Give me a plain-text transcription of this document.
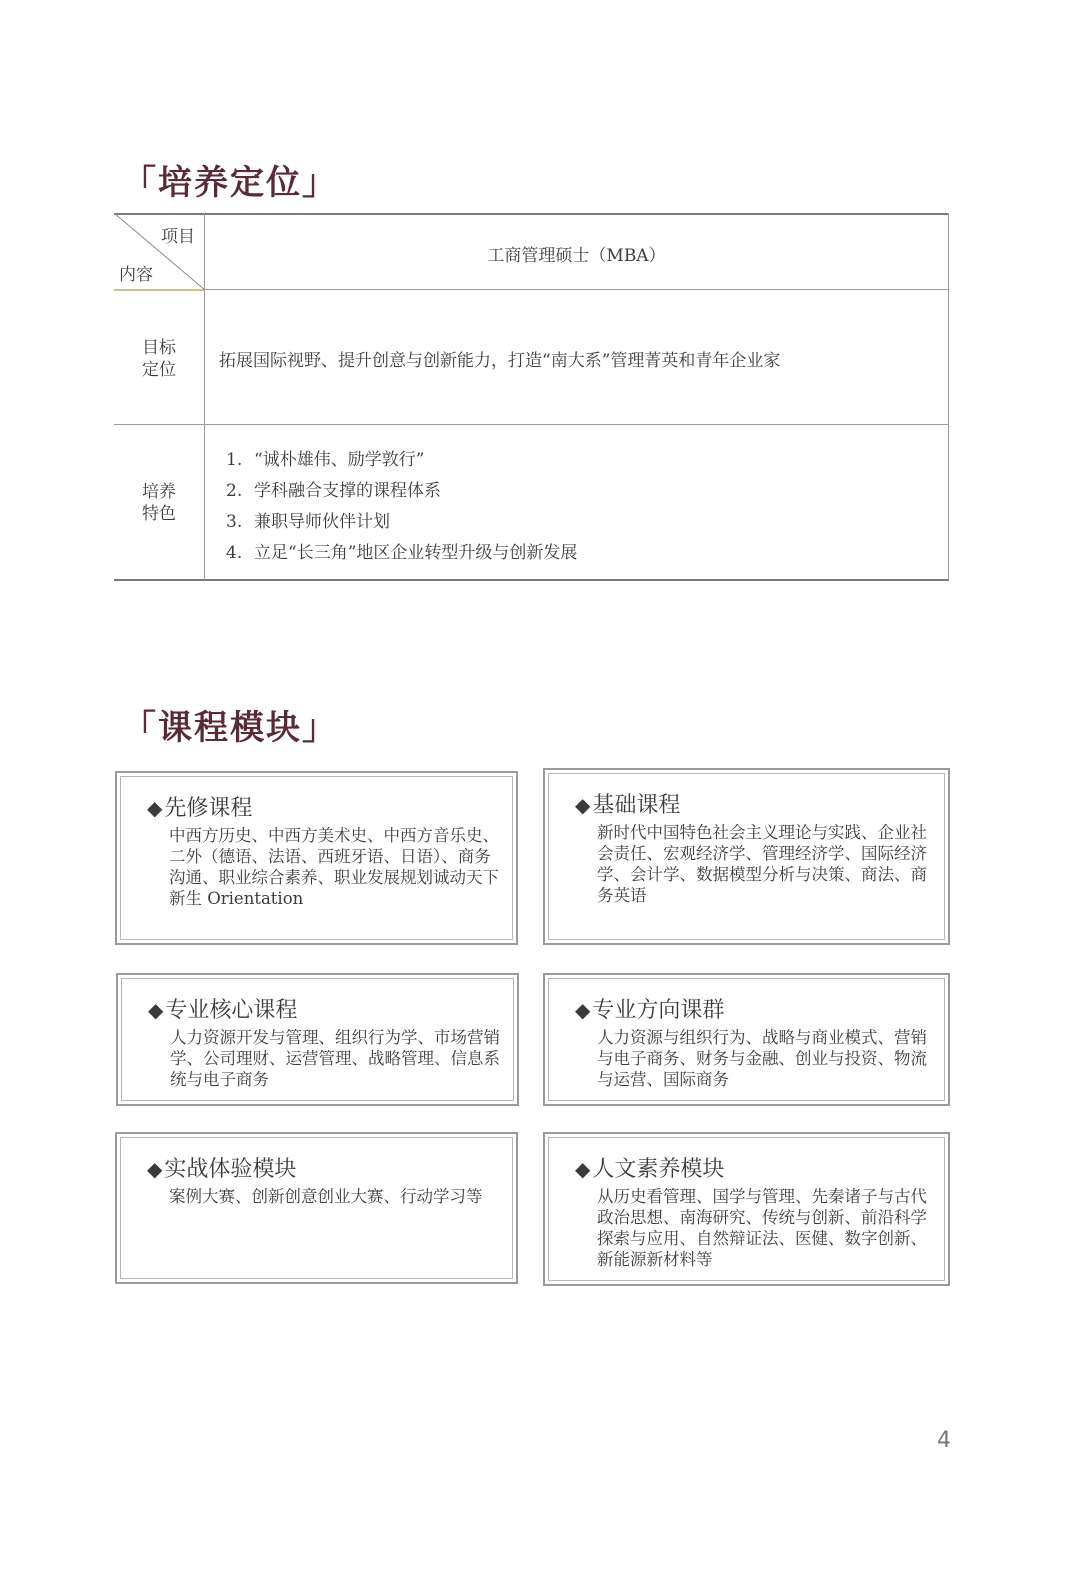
「培养定位」
项目
内容
工商管理硕士（MBA）
目标
定位	拓展国际视野、提升创意与创新能力，打造“南大系”管理菁英和青年企业家
培养
特色
1. “诚朴雄伟、励学敦行”
2. 学科融合支撑的课程体系
3. 兼职导师伙伴计划
4. 立足“长三角”地区企业转型升级与创新发展
「课程模块」
◆先修课程
中西方历史、中西方美术史、中西方音乐史、二外（德语、法语、西班牙语、日语）、商务沟通、职业综合素养、职业发展规划诚动天下新生 Orientation
◆基础课程
新时代中国特色社会主义理论与实践、企业社会责任、宏观经济学、管理经济学、国际经济学、会计学、数据模型分析与决策、商法、商务英语
◆专业核心课程
人力资源开发与管理、组织行为学、市场营销学、公司理财、运营管理、战略管理、信息系统与电子商务
◆专业方向课群
人力资源与组织行为、战略与商业模式、营销与电子商务、财务与金融、创业与投资、物流与运营、国际商务
◆实战体验模块
案例大赛、创新创意创业大赛、行动学习等
◆人文素养模块
从历史看管理、国学与管理、先秦诸子与古代政治思想、南海研究、传统与创新、前沿科学探索与应用、自然辩证法、医健、数字创新、新能源新材料等
4
